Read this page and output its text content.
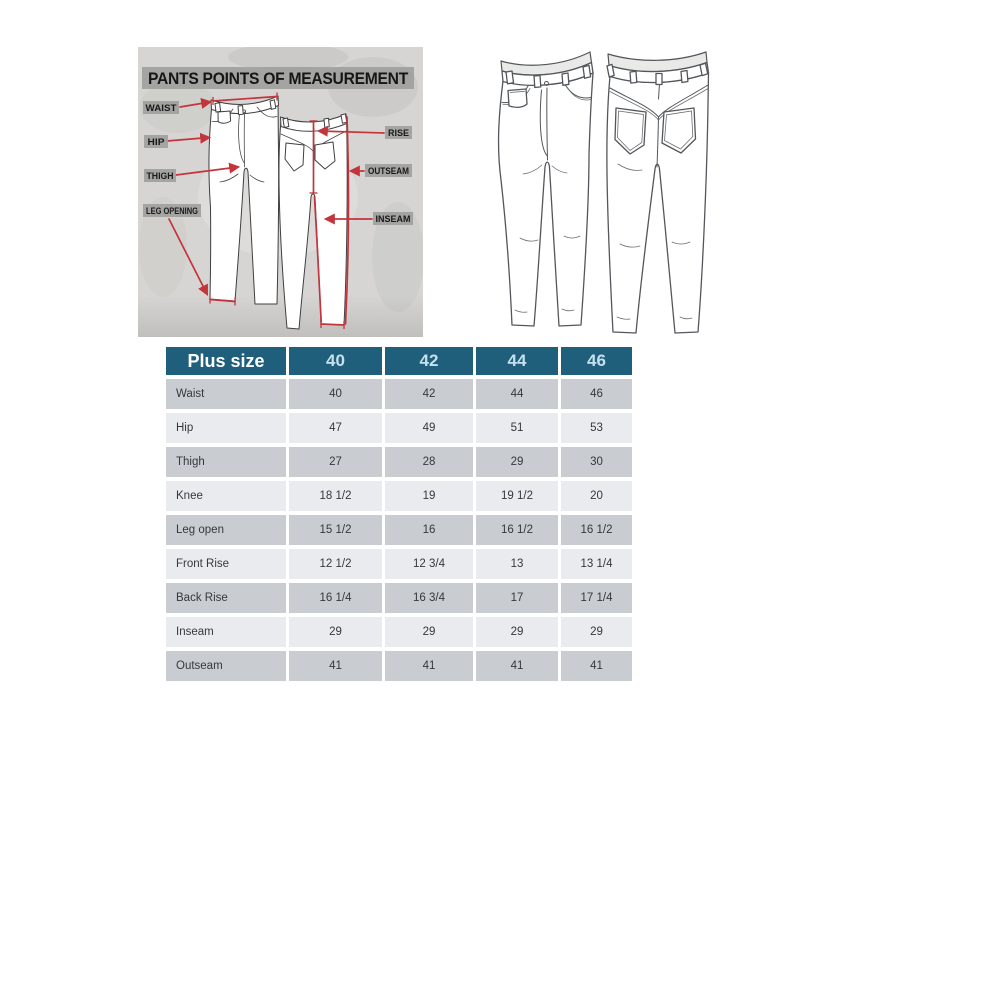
PANTS POINTS OF MEASUREMENT
WAIST
HIP
THIGH
LEG OPENING
RISE
OUTSEAM
INSEAM
Plus size	40	42	44	46
Waist	40	42	44	46
Hip	47	49	51	53
Thigh	27	28	29	30
Knee	18 1/2	19	19 1/2	20
Leg open	15 1/2	16	16 1/2	16 1/2
Front Rise	12 1/2	12 3/4	13	13 1/4
Back Rise	16 1/4	16 3/4	17	17 1/4
Inseam	29	29	29	29
Outseam	41	41	41	41
